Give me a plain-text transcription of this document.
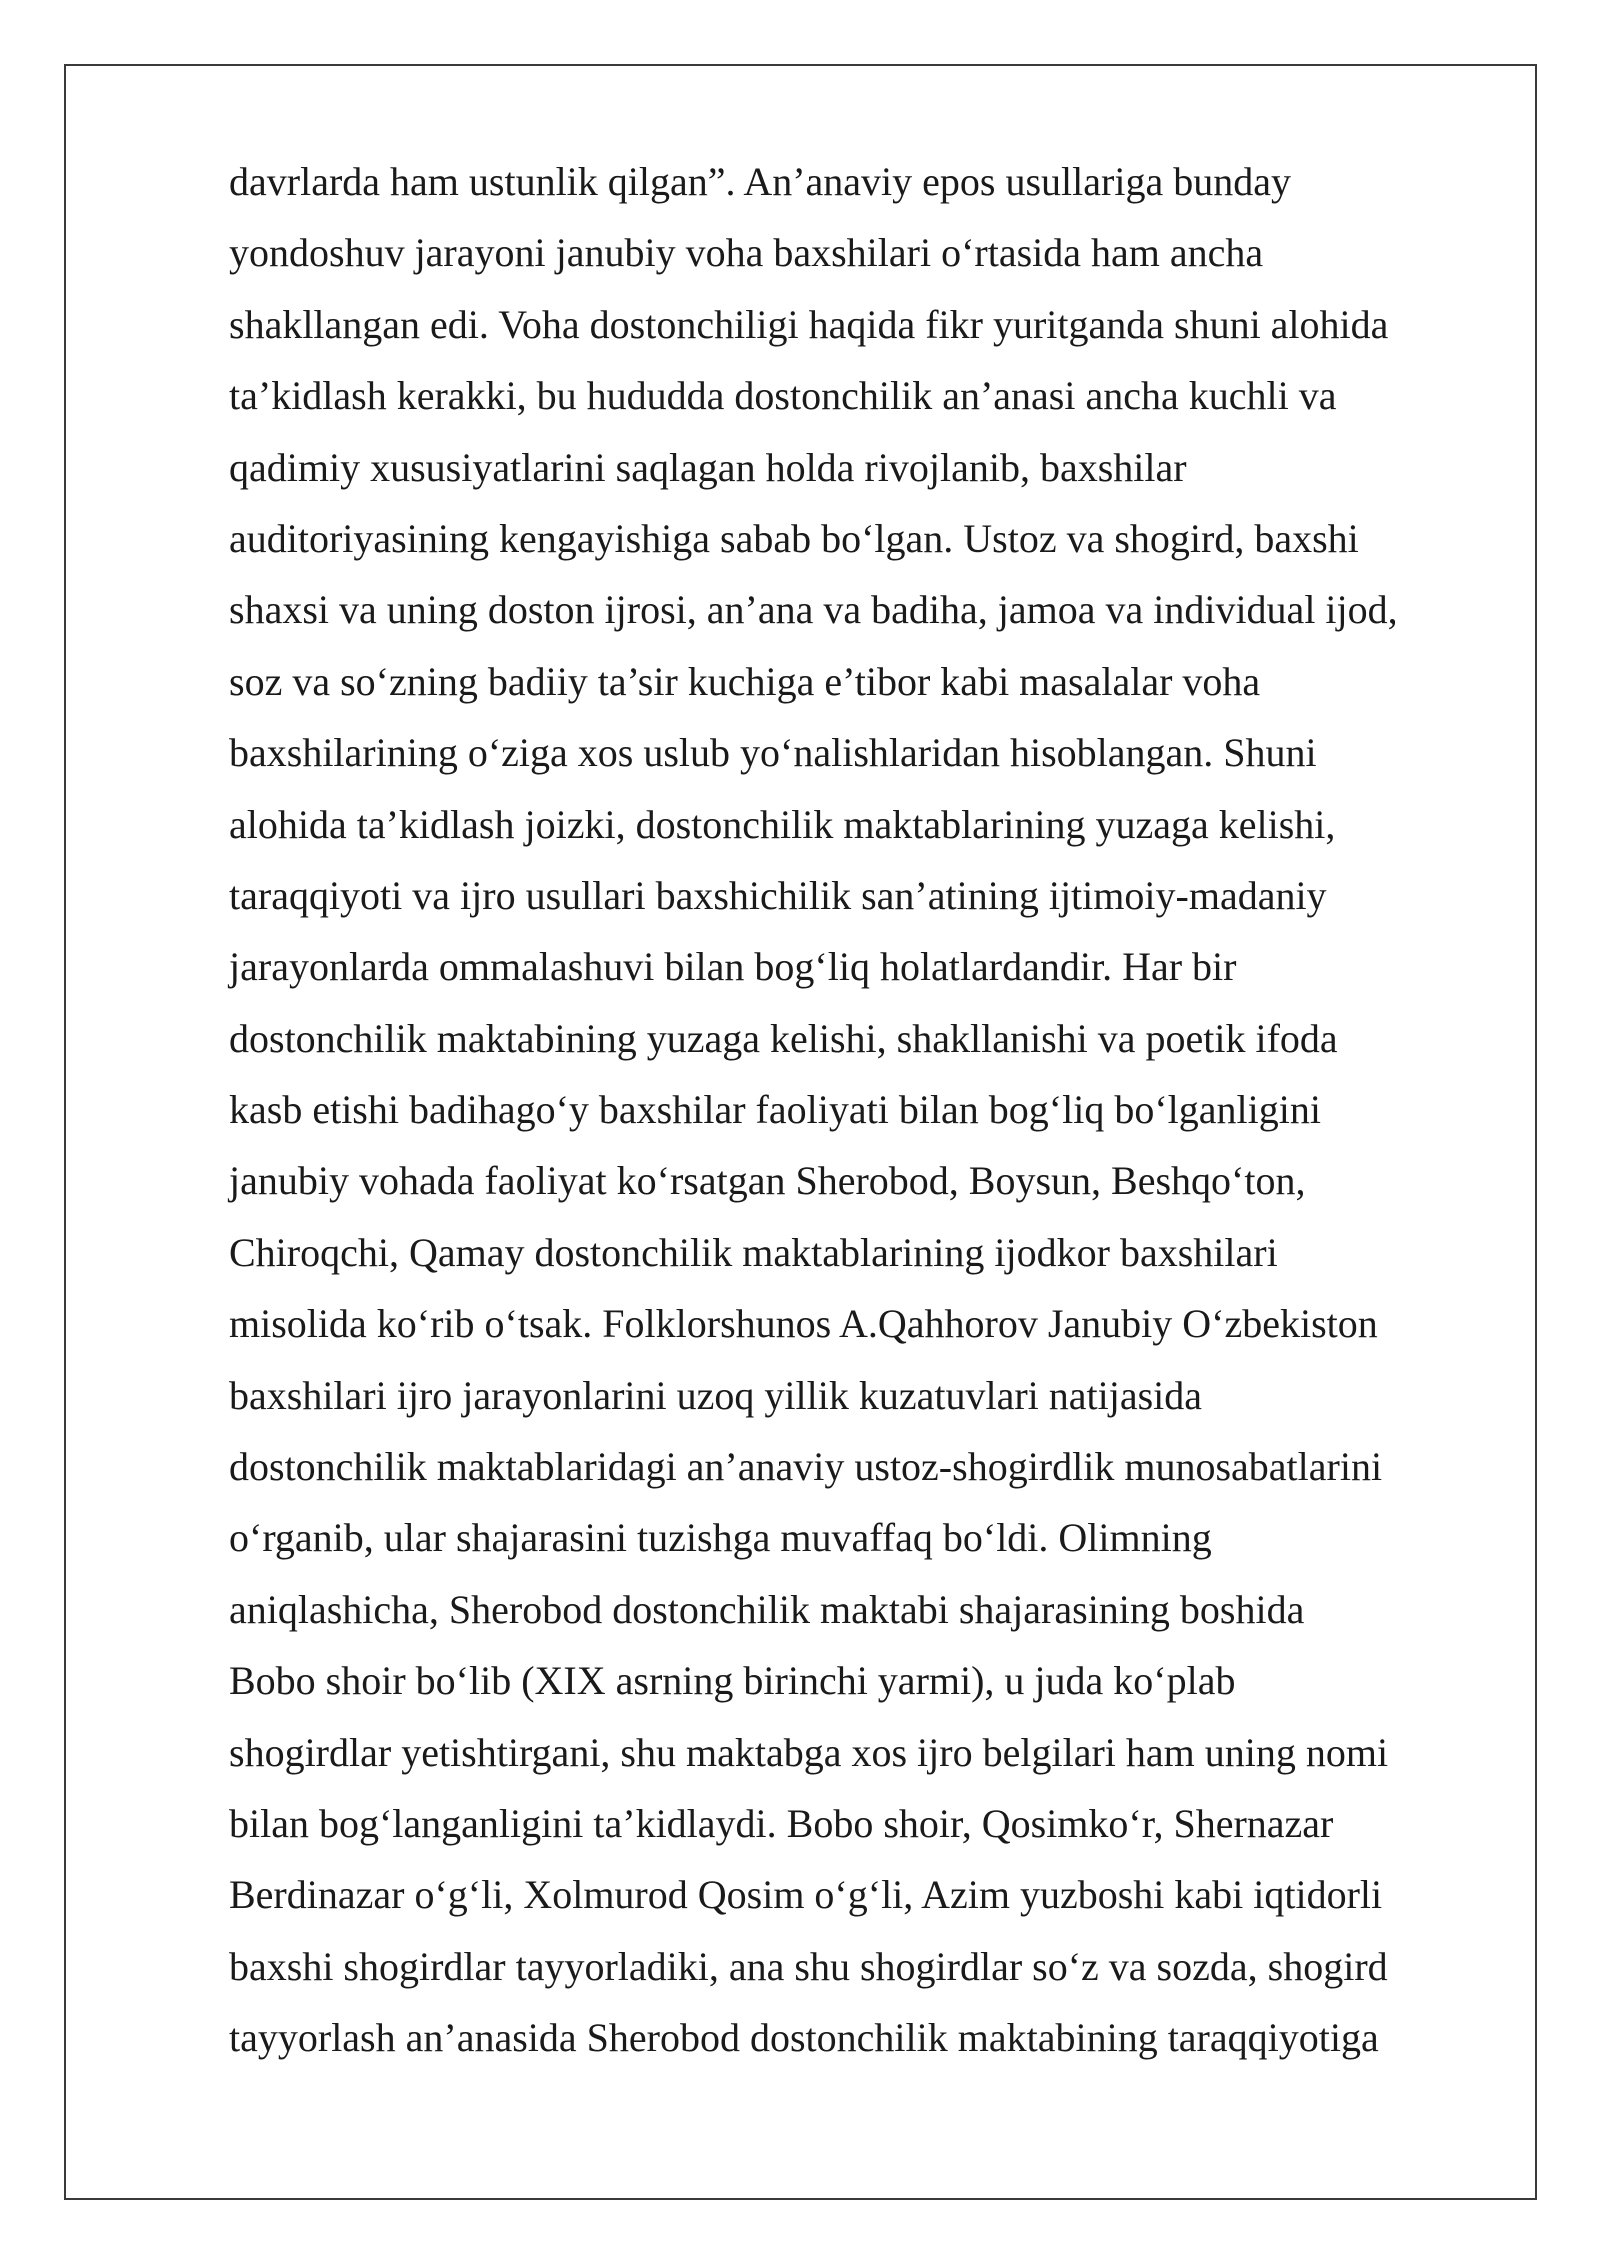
davrlarda ham ustunlik qilgan”. An’anaviy epos usullariga bunday
yondoshuv jarayoni janubiy voha baxshilari oʻrtasida ham ancha
shakllangan edi. Voha dostonchiligi haqida fikr yuritganda shuni alohida
ta’kidlash kerakki, bu hududda dostonchilik an’anasi ancha kuchli va
qadimiy xususiyatlarini saqlagan holda rivojlanib, baxshilar
auditoriyasining kengayishiga sabab boʻlgan. Ustoz va shogird, baxshi
shaxsi va uning doston ijrosi, an’ana va badiha, jamoa va individual ijod,
soz va soʻzning badiiy ta’sir kuchiga e’tibor kabi masalalar voha
baxshilarining oʻziga xos uslub yoʻnalishlaridan hisoblangan. Shuni
alohida ta’kidlash joizki, dostonchilik maktablarining yuzaga kelishi,
taraqqiyoti va ijro usullari baxshichilik san’atining ijtimoiy-madaniy
jarayonlarda ommalashuvi bilan bogʻliq holatlardandir. Har bir
dostonchilik maktabining yuzaga kelishi, shakllanishi va poetik ifoda
kasb etishi badihagoʻy baxshilar faoliyati bilan bogʻliq boʻlganligini
janubiy vohada faoliyat koʻrsatgan Sherobod, Boysun, Beshqoʻton,
Chiroqchi, Qamay dostonchilik maktablarining ijodkor baxshilari
misolida koʻrib oʻtsak. Folklorshunos A.Qahhorov Janubiy Oʻzbekiston
baxshilari ijro jarayonlarini uzoq yillik kuzatuvlari natijasida
dostonchilik maktablaridagi an’anaviy ustoz-shogirdlik munosabatlarini
oʻrganib, ular shajarasini tuzishga muvaffaq boʻldi. Olimning
aniqlashicha, Sherobod dostonchilik maktabi shajarasining boshida
Bobo shoir boʻlib (XIX asrning birinchi yarmi), u juda koʻplab
shogirdlar yetishtirgani, shu maktabga xos ijro belgilari ham uning nomi
bilan bogʻlanganligini ta’kidlaydi. Bobo shoir, Qosimkoʻr, Shernazar
Berdinazar oʻgʻli, Xolmurod Qosim oʻgʻli, Azim yuzboshi kabi iqtidorli
baxshi shogirdlar tayyorladiki, ana shu shogirdlar soʻz va sozda, shogird
tayyorlash an’anasida Sherobod dostonchilik maktabining taraqqiyotiga
